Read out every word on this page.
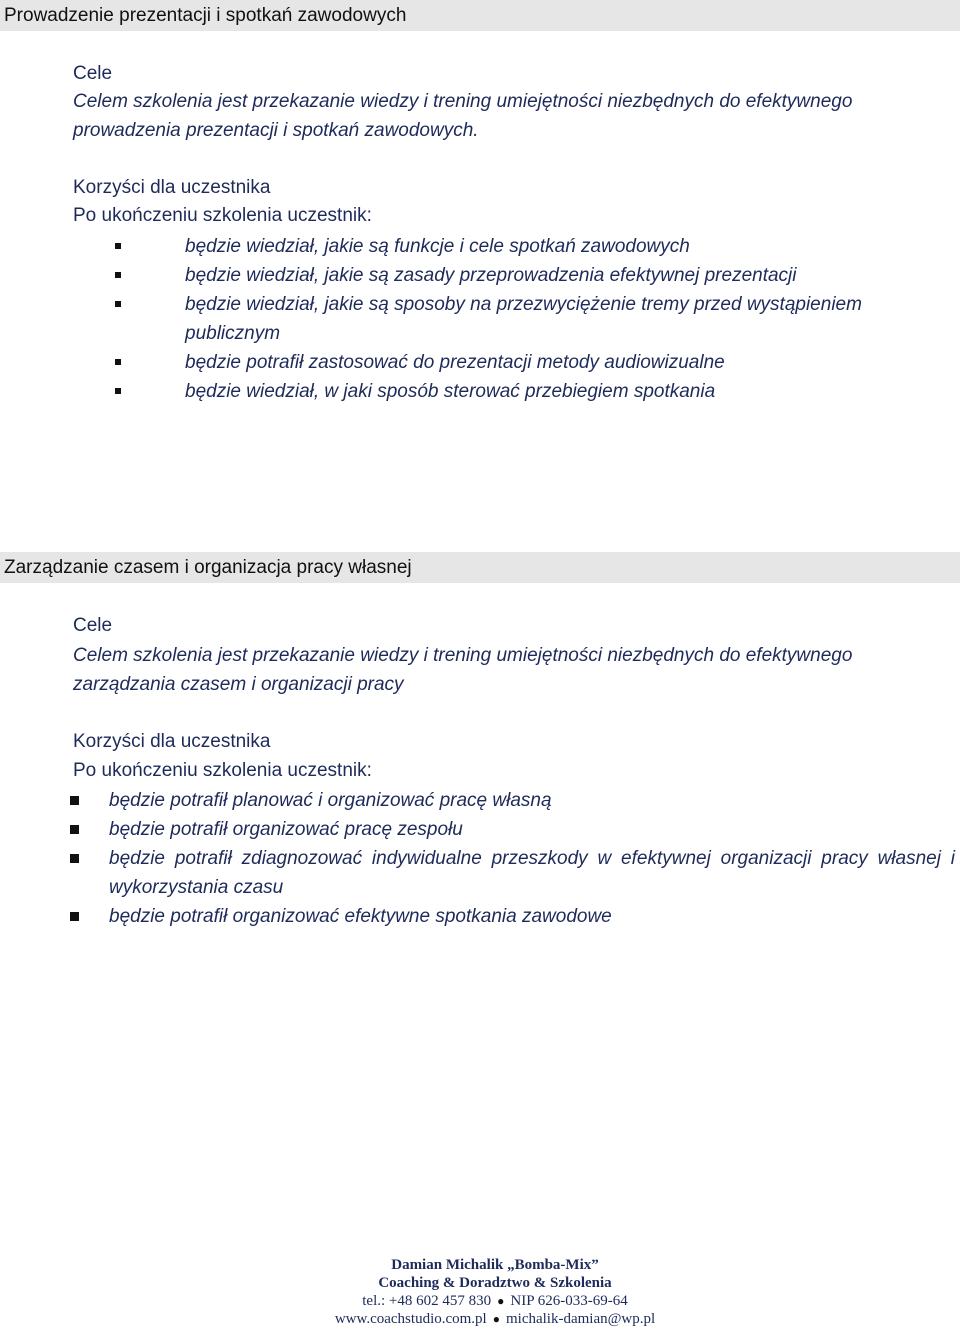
Prowadzenie prezentacji i spotkań zawodowych
Cele

Celem szkolenia jest przekazanie wiedzy i trening umiejętności niezbędnych do efektywnego prowadzenia prezentacji i spotkań zawodowych.

Korzyści dla uczestnika
Po ukończeniu szkolenia uczestnik:
będzie wiedział, jakie są funkcje i cele spotkań zawodowych
będzie wiedział, jakie są zasady przeprowadzenia efektywnej prezentacji
będzie wiedział, jakie są sposoby na przezwyciężenie tremy przed wystąpieniem publicznym
będzie potrafił zastosować do prezentacji metody audiowizualne
będzie wiedział, w jaki sposób sterować przebiegiem spotkania
Zarządzanie czasem i organizacja pracy własnej
Cele

Celem szkolenia jest przekazanie wiedzy i trening umiejętności niezbędnych do efektywnego zarządzania czasem i organizacji pracy

Korzyści dla uczestnika
Po ukończeniu szkolenia uczestnik:
będzie potrafił planować i organizować pracę własną
będzie potrafił organizować pracę zespołu
będzie potrafił zdiagnozować indywidualne przeszkody w efektywnej organizacji pracy własnej i wykorzystania czasu
będzie potrafił organizować efektywne spotkania zawodowe
Damian Michalik „Bomba-Mix”
Coaching & Doradztwo & Szkolenia
tel.: +48 602 457 830 ● NIP 626-033-69-64
www.coachstudio.com.pl ● michalik-damian@wp.pl
